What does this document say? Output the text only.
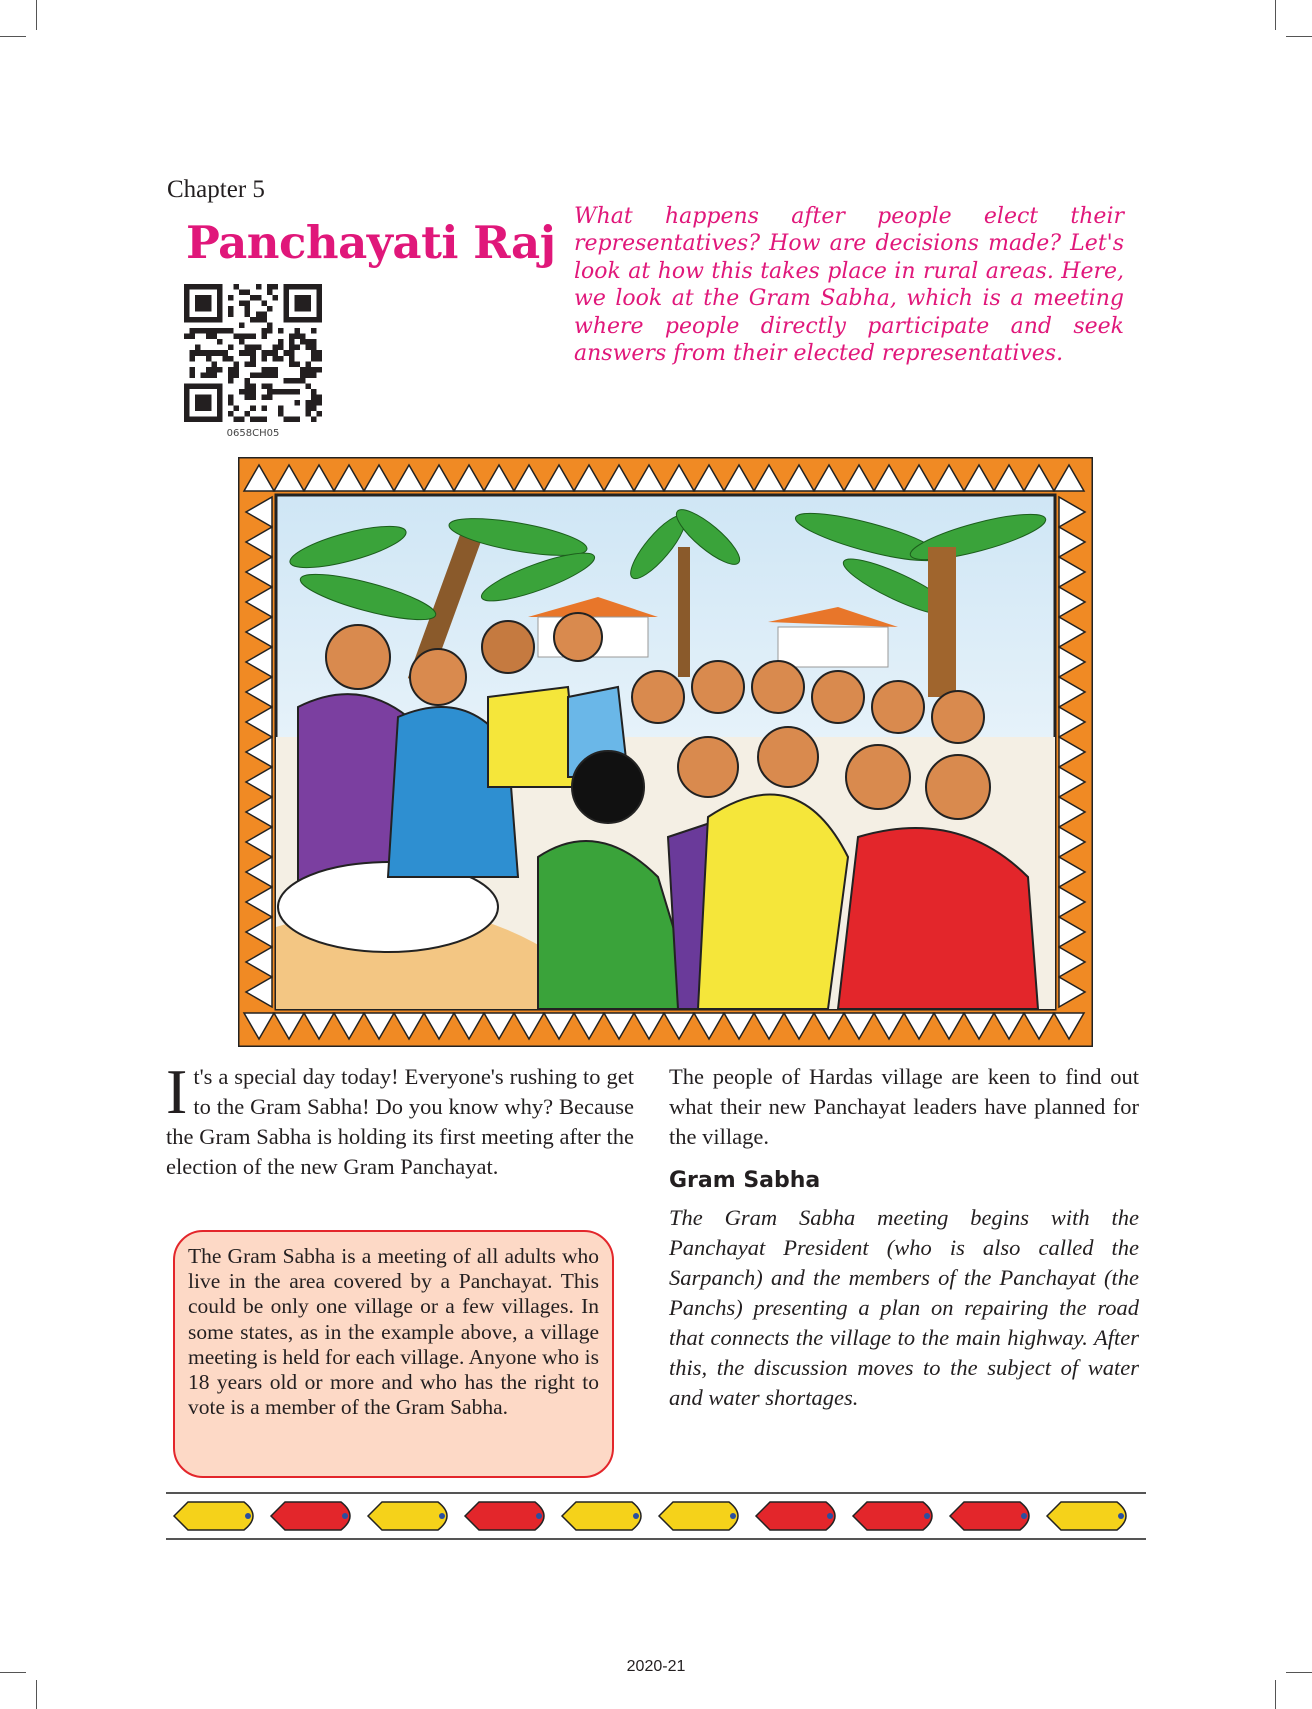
Chapter 5
Panchayati Raj
0658CH05
What happens after people elect their representatives? How are decisions made? Let's look at how this takes place in rural areas. Here, we look at the Gram Sabha, which is a meeting where people directly participate and seek answers from their elected representatives.
It's a special day today! Everyone's rushing to get to the Gram Sabha! Do you know why? Because the Gram Sabha is holding its first meeting after the election of the new Gram Panchayat.
The Gram Sabha is a meeting of all adults who live in the area covered by a Panchayat. This could be only one village or a few villages. In some states, as in the example above, a village meeting is held for each village. Anyone who is 18 years old or more and who has the right to vote is a member of the Gram Sabha.
The people of Hardas village are keen to find out what their new Panchayat leaders have planned for the village.
Gram Sabha
The Gram Sabha meeting begins with the Panchayat President (who is also called the Sarpanch) and the members of the Panchayat (the Panchs) presenting a plan on repairing the road that connects the village to the main highway. After this, the discussion moves to the subject of water and water shortages.
2020-21
